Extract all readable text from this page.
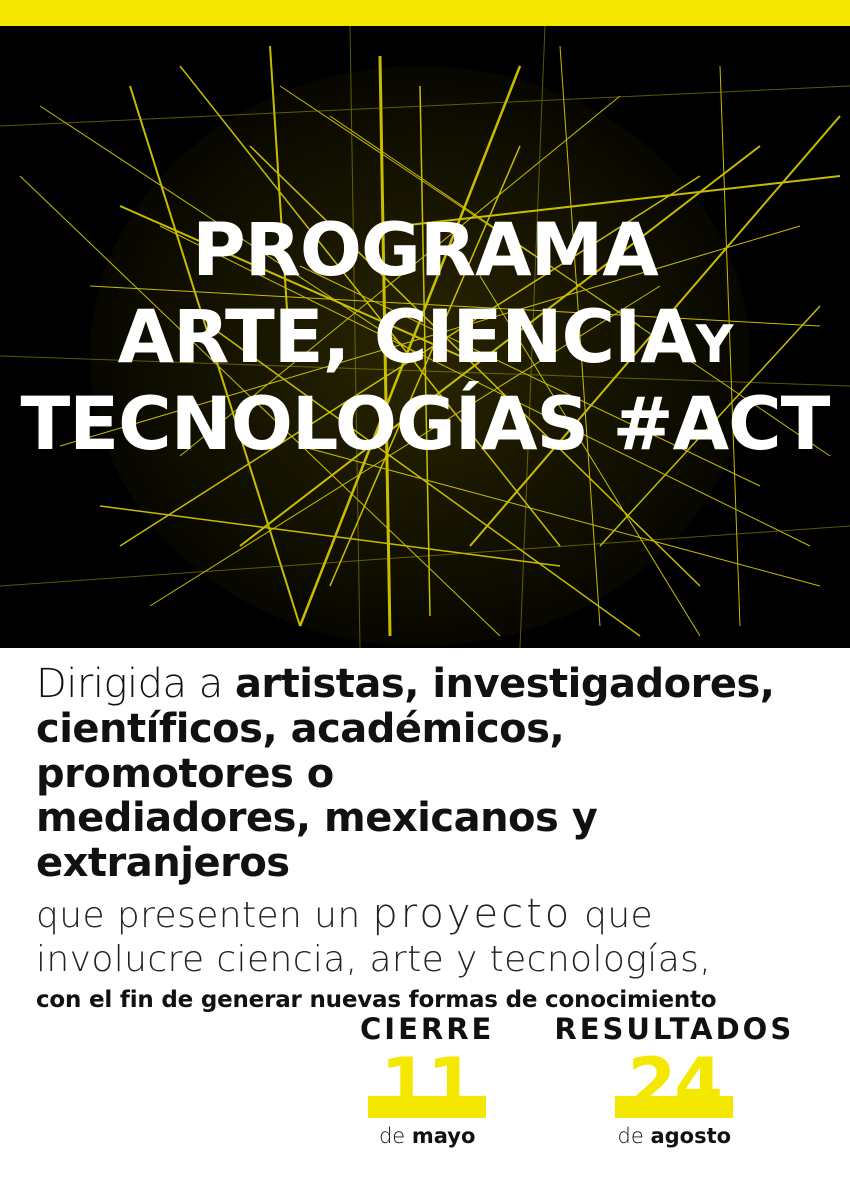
PROGRAMA
ARTE, CIENCIAY
TECNOLOGÍAS #ACT
Dirigida a artistas, investigadores,
científicos, académicos, promotores o
mediadores, mexicanos y extranjeros
que presenten un proyecto que
involucre ciencia, arte y tecnologías,
con el fin de generar nuevas formas de conocimiento
CIERRE
11
de mayo
RESULTADOS
24
de agosto
